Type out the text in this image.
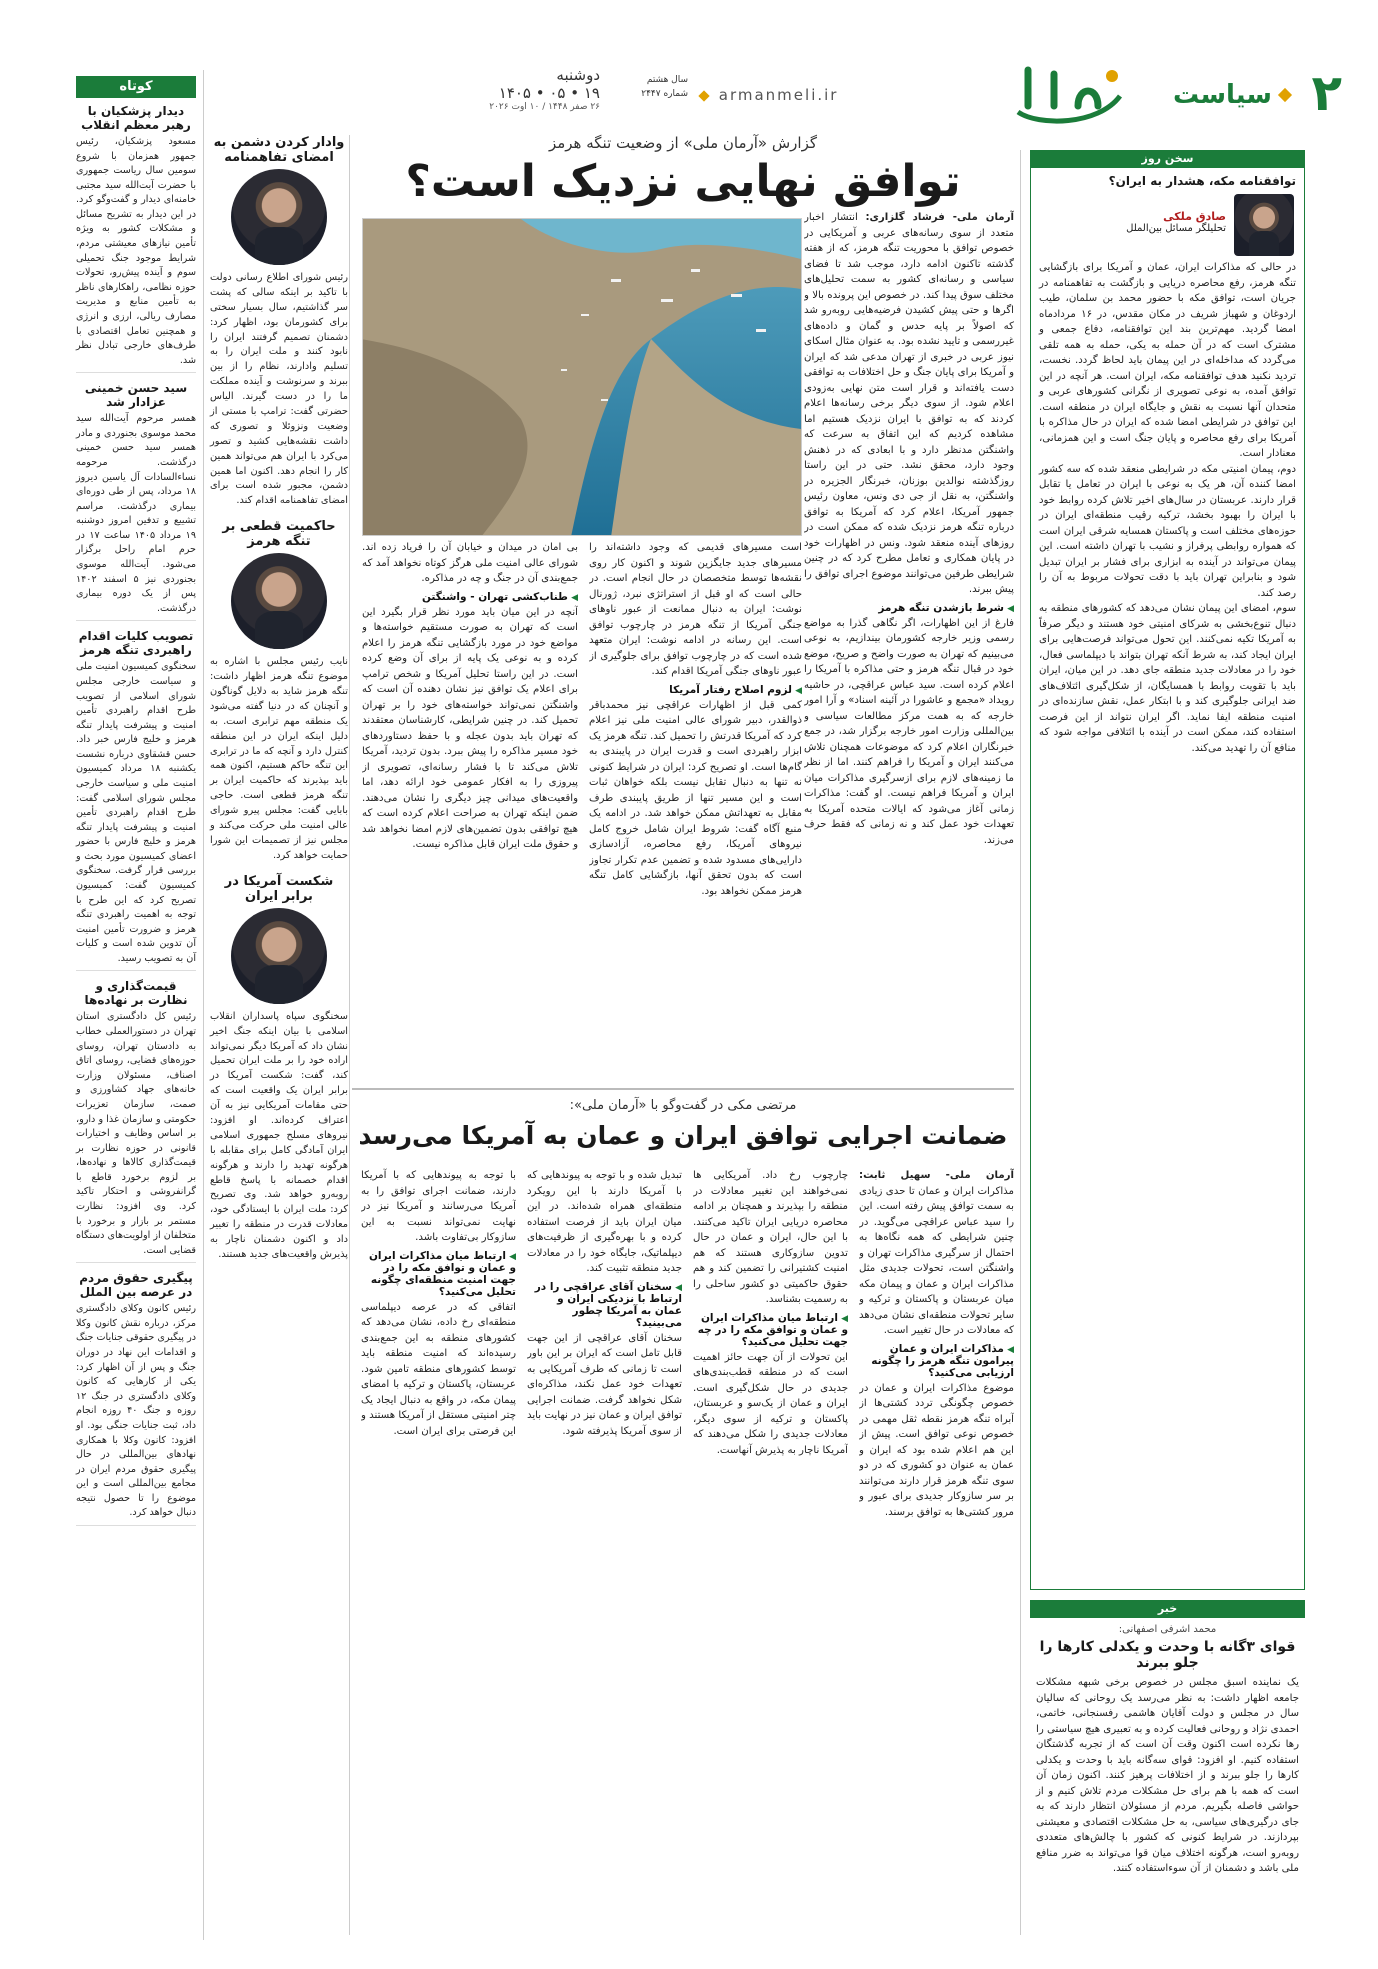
۲
سیاست
armanmeli.ir
سال هشتم
شماره ۲۴۴۷
دوشنبه
۱۴۰۵ • ۰۵ • ۱۹
۲۶ صفر ۱۴۴۸ / ۱۰ اوت ۲۰۲۶
کوتاه
دیدار پزشکیان با رهبر معظم انقلاب

مسعود پزشکیان، رئیس جمهور همزمان با شروع سومین سال ریاست جمهوری با حضرت آیت‌الله سید مجتبی خامنه‌ای دیدار و گفت‌وگو کرد. در این دیدار به تشریح مسائل و مشکلات کشور به ویژه تأمین نیازهای معیشتی مردم، شرایط موجود جنگ تحمیلی سوم و آینده پیش‌رو، تحولات حوزه نظامی، راهکارهای ناظر به تأمین منابع و مدیریت مصارف ریالی، ارزی و انرژی و همچنین تعامل اقتصادی با طرف‌های خارجی تبادل نظر شد.

سید حسن خمینی عزادار شد

همسر مرحوم آیت‌الله سید محمد موسوی بجنوردی و مادر همسر سید حسن خمینی درگذشت. مرحومه نساءالسادات آل یاسین دیروز ۱۸ مرداد، پس از طی دوره‌ای بیماری درگذشت. مراسم تشییع و تدفین امروز دوشنبه ۱۹ مرداد ۱۴۰۵ ساعت ۱۷ در حرم امام راحل برگزار می‌شود. آیت‌الله موسوی بجنوردی نیز ۵ اسفند ۱۴۰۲ پس از یک دوره بیماری درگذشت.

تصویب کلیات اقدام راهبردی تنگه هرمز

سخنگوی کمیسیون امنیت ملی و سیاست خارجی مجلس شورای اسلامی از تصویب طرح اقدام راهبردی تأمین امنیت و پیشرفت پایدار تنگه هرمز و خلیج فارس خبر داد. حسن قشقاوی درباره نشست یکشنبه ۱۸ مرداد کمیسیون امنیت ملی و سیاست خارجی مجلس شورای اسلامی گفت: طرح اقدام راهبردی تأمین امنیت و پیشرفت پایدار تنگه هرمز و خلیج فارس با حضور اعضای کمیسیون مورد بحث و بررسی قرار گرفت. سخنگوی کمیسیون گفت: کمیسیون تصریح کرد که این طرح با توجه به اهمیت راهبردی تنگه هرمز و ضرورت تأمین امنیت آن تدوین شده است و کلیات آن به تصویب رسید.

قیمت‌گذاری و نظارت بر نهاده‌ها

رئیس کل دادگستری استان تهران در دستورالعملی خطاب به دادستان تهران، روسای حوزه‌های قضایی، روسای اتاق اصناف، مسئولان وزارت خانه‌های جهاد کشاورزی و صمت، سازمان تعزیرات حکومتی و سازمان غذا و دارو، بر اساس وظایف و اختیارات قانونی در حوزه نظارت بر قیمت‌گذاری کالاها و نهاده‌ها، بر لزوم برخورد قاطع با گرانفروشی و احتکار تاکید کرد. وی افزود: نظارت مستمر بر بازار و برخورد با متخلفان از اولویت‌های دستگاه قضایی است.

پیگیری حقوق مردم در عرصه بین الملل

رئیس کانون وکلای دادگستری مرکز، درباره نقش کانون وکلا در پیگیری حقوقی جنایات جنگ و اقدامات این نهاد در دوران جنگ و پس از آن اظهار کرد: یکی از کارهایی که کانون وکلای دادگستری در جنگ ۱۲ روزه و جنگ ۴۰ روزه انجام داد، ثبت جنایات جنگی بود. او افزود: کانون وکلا با همکاری نهادهای بین‌المللی در حال پیگیری حقوق مردم ایران در مجامع بین‌المللی است و این موضوع را تا حصول نتیجه دنبال خواهد کرد.

وادار کردن دشمن به امضای تفاهمنامه

رئیس شورای اطلاع رسانی دولت با تاکید بر اینکه سالی که پشت سر گذاشتیم، سال بسیار سختی برای کشورمان بود، اظهار کرد: دشمنان تصمیم گرفتند ایران را نابود کنند و ملت ایران را به تسلیم وادارند، نظام را از بین ببرند و سرنوشت و آینده مملکت ما را در دست گیرند. الیاس حضرتی گفت: ترامپ با مستی از وضعیت ونزوئلا و تصوری که داشت نقشه‌هایی کشید و تصور می‌کرد با ایران هم می‌تواند همین کار را انجام دهد. اکنون اما همین دشمن، مجبور شده است برای امضای تفاهمنامه اقدام کند.

حاکمیت قطعی بر تنگه هرمز

نایب رئیس مجلس با اشاره به موضوع تنگه هرمز اظهار داشت: تنگه هرمز شاید به دلایل گوناگون و آنچنان که در دنیا گفته می‌شود یک منطقه مهم ترابری است. به دلیل اینکه ایران در این منطقه کنترل دارد و آنچه که ما در ترابری این تنگه حاکم هستیم، اکنون همه باید بپذیرند که حاکمیت ایران بر تنگه هرمز قطعی است. حاجی بابایی گفت: مجلس پیرو شورای عالی امنیت ملی حرکت می‌کند و مجلس نیز از تصمیمات این شورا حمایت خواهد کرد.

شکست آمریکا در برابر ایران

سخنگوی سپاه پاسداران انقلاب اسلامی با بیان اینکه جنگ اخیر نشان داد که آمریکا دیگر نمی‌تواند اراده خود را بر ملت ایران تحمیل کند، گفت: شکست آمریکا در برابر ایران یک واقعیت است که حتی مقامات آمریکایی نیز به آن اعتراف کرده‌اند. او افزود: نیروهای مسلح جمهوری اسلامی ایران آمادگی کامل برای مقابله با هرگونه تهدید را دارند و هرگونه اقدام خصمانه با پاسخ قاطع روبه‌رو خواهد شد. وی تصریح کرد: ملت ایران با ایستادگی خود، معادلات قدرت در منطقه را تغییر داد و اکنون دشمنان ناچار به پذیرش واقعیت‌های جدید هستند.

گزارش «آرمان ملی» از وضعیت تنگه هرمز
توافق نهایی نزدیک است؟

آرمان ملی- فرشاد گلزاری: انتشار اخبار متعدد از سوی رسانه‌های عربی و آمریکایی در خصوص توافق با محوریت تنگه هرمز، که از هفته گذشته تاکنون ادامه دارد، موجب شد تا فضای سیاسی و رسانه‌ای کشور به سمت تحلیل‌های مختلف سوق پیدا کند. در خصوص این پرونده بالا و اگرها و حتی پیش کشیدن فرضیه‌هایی روبه‌رو شد که اصولاً بر پایه حدس و گمان و داده‌های غیررسمی و تایید نشده بود. به عنوان مثال اسکای نیوز عربی در خبری از تهران مدعی شد که ایران و آمریکا برای پایان جنگ و حل اختلافات به توافقی دست یافته‌اند و قرار است متن نهایی به‌زودی اعلام شود. از سوی دیگر برخی رسانه‌ها اعلام کردند که به توافق با ایران نزدیک هستیم اما مشاهده کردیم که این اتفاق به سرعت که واشنگتن مدنظر دارد و با ابعادی که در ذهنش وجود دارد، محقق نشد. حتی در این راستا روزگذشته نوالدین بوزنان، خبرنگار الجزیره در واشنگتن، به نقل از جی دی ونس، معاون رئیس جمهور آمریکا، اعلام کرد که آمریکا به توافق درباره تنگه هرمز نزدیک شده که ممکن است در روزهای آینده منعقد شود. ونس در اظهارات خود در پایان همکاری و تعامل مطرح کرد که در چنین شرایطی طرفین می‌توانند موضوع اجرای توافق را پیش ببرند.

◀ شرط بازشدن تنگه هرمز

فارغ از این اظهارات، اگر نگاهی گذرا به مواضع رسمی وزیر خارجه کشورمان بیندازیم، به نوعی می‌بینیم که تهران به صورت واضح و صریح، موضع خود در قبال تنگه هرمز و حتی مذاکره با آمریکا را اعلام کرده است. سید عباس عراقچی، در حاشیه رویداد «مجمع و عاشورا در آئینه اسناد» و آرا امور خارجه که به همت مرکز مطالعات سیاسی و بین‌المللی وزارت امور خارجه برگزار شد، در جمع خبرنگاران اعلام کرد که موضوعات همچنان تلاش می‌کنند ایران و آمریکا را فراهم کنند. اما از نظر ما زمینه‌های لازم برای ازسرگیری مذاکرات میان ایران و آمریکا فراهم نیست. او گفت: مذاکرات زمانی آغاز می‌شود که ایالات متحده آمریکا به تعهدات خود عمل کند و نه زمانی که فقط حرف می‌زند.

است مسیرهای قدیمی که وجود داشته‌اند را مسیرهای جدید جایگزین شوند و اکنون کار روی نقشه‌ها توسط متخصصان در حال انجام است. در حالی است که او قبل از استراتژی نبرد، ژورنال نوشت: ایران به دنبال ممانعت از عبور ناوهای جنگی آمریکا از تنگه هرمز در چارچوب توافق است. این رسانه در ادامه نوشت: ایران متعهد شده است که در چارچوب توافق برای جلوگیری از عبور ناوهای جنگی آمریکا اقدام کند.

◀ لزوم اصلاح رفتار آمریکا

کمی قبل از اظهارات عراقچی نیز محمدباقر ذوالقدر، دبیر شورای عالی امنیت ملی نیز اعلام کرد که آمریکا قدرتش را تحمیل کند. تنگه هرمز یک ابزار راهبردی است و قدرت ایران در پایبندی به گام‌ها است. او تصریح کرد: ایران در شرایط کنونی نه تنها به دنبال تقابل نیست بلکه خواهان ثبات است و این مسیر تنها از طریق پایبندی طرف مقابل به تعهداتش ممکن خواهد شد. در ادامه یک منبع آگاه گفت: شروط ایران شامل خروج کامل نیروهای آمریکا، رفع محاصره، آزادسازی دارایی‌های مسدود شده و تضمین عدم تکرار تجاوز است که بدون تحقق آنها، بازگشایی کامل تنگه هرمز ممکن نخواهد بود.

بی امان در میدان و خیابان آن را فریاد زده اند. شورای عالی امنیت ملی هرگز کوتاه نخواهد آمد که جمع‌بندی آن در جنگ و چه در مذاکره.

◀ طناب‌کشی تهران - واشنگتن

آنچه در این میان باید مورد نظر قرار بگیرد این است که تهران به صورت مستقیم خواسته‌ها و مواضع خود در مورد بازگشایی تنگه هرمز را اعلام کرده و به نوعی یک پایه از برای آن وضع کرده است. در این راستا تحلیل آمریکا و شخص ترامپ برای اعلام یک توافق نیز نشان دهنده آن است که واشنگتن نمی‌تواند خواسته‌های خود را بر تهران تحمیل کند. در چنین شرایطی، کارشناسان معتقدند که تهران باید بدون عجله و با حفظ دستاوردهای خود مسیر مذاکره را پیش ببرد. بدون تردید، آمریکا تلاش می‌کند تا با فشار رسانه‌ای، تصویری از پیروزی را به افکار عمومی خود ارائه دهد، اما واقعیت‌های میدانی چیز دیگری را نشان می‌دهند. ضمن اینکه تهران به صراحت اعلام کرده است که هیچ توافقی بدون تضمین‌های لازم امضا نخواهد شد و حقوق ملت ایران قابل مذاکره نیست.

مرتضی مکی در گفت‌وگو با «آرمان ملی»:
ضمانت اجرایی توافق ایران و عمان به آمریکا می‌رسد

آرمان ملی- سهیل ثابت: مذاکرات ایران و عمان تا حدی زیادی به سمت توافق پیش رفته است. این را سید عباس عراقچی می‌گوید. در چنین شرایطی که همه نگاه‌ها به احتمال از سرگیری مذاکرات تهران و واشنگتن است، تحولات جدیدی مثل مذاکرات ایران و عمان و پیمان مکه میان عربستان و پاکستان و ترکیه و سایر تحولات منطقه‌ای نشان می‌دهد که معادلات در حال تغییر است.

◀ مذاکرات ایران و عمان پیرامون تنگه هرمز را چگونه ارزیابی می‌کنید؟

موضوع مذاکرات ایران و عمان در خصوص چگونگی تردد کشتی‌ها از آبراه تنگه هرمز نقطه ثقل مهمی در خصوص نوعی توافق است. پیش از این هم اعلام شده بود که ایران و عمان به عنوان دو کشوری که در دو سوی تنگه هرمز قرار دارند می‌توانند بر سر سازوکار جدیدی برای عبور و مرور کشتی‌ها به توافق برسند.

چارچوب رخ داد. آمریکایی ها نمی‌خواهند این تغییر معادلات در منطقه را بپذیرند و همچنان بر ادامه محاصره دریایی ایران تاکید می‌کنند. با این حال، ایران و عمان در حال تدوین سازوکاری هستند که هم امنیت کشتیرانی را تضمین کند و هم حقوق حاکمیتی دو کشور ساحلی را به رسمیت بشناسد.

◀ ارتباط میان مذاکرات ایران و عمان و توافق مکه را در چه جهت تحلیل می‌کنید؟

این تحولات از آن جهت حائز اهمیت است که در منطقه قطب‌بندی‌های جدیدی در حال شکل‌گیری است. ایران و عمان از یک‌سو و عربستان، پاکستان و ترکیه از سوی دیگر، معادلات جدیدی را شکل می‌دهند که آمریکا ناچار به پذیرش آنهاست.

تبدیل شده و با توجه به پیوندهایی که با آمریکا دارند با این رویکرد منطقه‌ای همراه شده‌اند. در این میان ایران باید از فرصت استفاده کرده و با بهره‌گیری از ظرفیت‌های دیپلماتیک، جایگاه خود را در معادلات جدید منطقه تثبیت کند.

◀ سخنان آقای عراقچی را در ارتباط با نزدیکی ایران و عمان به آمریکا چطور می‌بینید؟

سخنان آقای عراقچی از این جهت قابل تامل است که ایران بر این باور است تا زمانی که طرف آمریکایی به تعهدات خود عمل نکند، مذاکره‌ای شکل نخواهد گرفت. ضمانت اجرایی توافق ایران و عمان نیز در نهایت باید از سوی آمریکا پذیرفته شود.

با توجه به پیوندهایی که با آمریکا دارند، ضمانت اجرای توافق را به آمریکا می‌رسانند و آمریکا نیز در نهایت نمی‌تواند نسبت به این سازوکار بی‌تفاوت باشد.

◀ ارتباط میان مذاکرات ایران و عمان و توافق مکه را در جهت امنیت منطقه‌ای چگونه تحلیل می‌کنید؟

اتفاقی که در عرصه دیپلماسی منطقه‌ای رخ داده، نشان می‌دهد که کشورهای منطقه به این جمع‌بندی رسیده‌اند که امنیت منطقه باید توسط کشورهای منطقه تامین شود. عربستان، پاکستان و ترکیه با امضای پیمان مکه، در واقع به دنبال ایجاد یک چتر امنیتی مستقل از آمریکا هستند و این فرصتی برای ایران است.

سخن روز
توافقنامه مکه، هشدار به ایران؟
صادق ملکی
تحلیلگر مسائل بین‌الملل

در حالی که مذاکرات ایران، عمان و آمریکا برای بازگشایی تنگه هرمز، رفع محاصره دریایی و بازگشت به تفاهمنامه در جریان است، توافق مکه با حضور محمد بن سلمان، طیب اردوغان و شهباز شریف در مکان مقدس، در ۱۶ مردادماه امضا گردید. مهم‌ترین بند این توافقنامه، دفاع جمعی و مشترک است که در آن حمله به یکی، حمله به همه تلقی می‌گردد که مداخله‌ای در این پیمان باید لحاظ گردد. نخست، تردید نکنید هدف توافقنامه مکه، ایران است. هر آنچه در این توافق آمده، به نوعی تصویری از نگرانی کشورهای عربی و متحدان آنها نسبت به نقش و جایگاه ایران در منطقه است. این توافق در شرایطی امضا شده که ایران در حال مذاکره با آمریکا برای رفع محاصره و پایان جنگ است و این همزمانی، معنادار است.

دوم، پیمان امنیتی مکه در شرایطی منعقد شده که سه کشور امضا کننده آن، هر یک به نوعی با ایران در تعامل یا تقابل قرار دارند. عربستان در سال‌های اخیر تلاش کرده روابط خود با ایران را بهبود بخشد، ترکیه رقیب منطقه‌ای ایران در حوزه‌های مختلف است و پاکستان همسایه شرقی ایران است که همواره روابطی پرفراز و نشیب با تهران داشته است. این پیمان می‌تواند در آینده به ابزاری برای فشار بر ایران تبدیل شود و بنابراین تهران باید با دقت تحولات مربوط به آن را رصد کند.

سوم، امضای این پیمان نشان می‌دهد که کشورهای منطقه به دنبال تنوع‌بخشی به شرکای امنیتی خود هستند و دیگر صرفاً به آمریکا تکیه نمی‌کنند. این تحول می‌تواند فرصت‌هایی برای ایران ایجاد کند، به شرط آنکه تهران بتواند با دیپلماسی فعال، خود را در معادلات جدید منطقه جای دهد. در این میان، ایران باید با تقویت روابط با همسایگان، از شکل‌گیری ائتلاف‌های ضد ایرانی جلوگیری کند و با ابتکار عمل، نقش سازنده‌ای در امنیت منطقه ایفا نماید. اگر ایران نتواند از این فرصت استفاده کند، ممکن است در آینده با ائتلافی مواجه شود که منافع آن را تهدید می‌کند.

خبر
محمد اشرفی اصفهانی:
قوای ۳گانه با وحدت و یکدلی کارها را جلو ببرند

یک نماینده اسبق مجلس در خصوص برخی شبهه مشکلات جامعه اظهار داشت: به نظر می‌رسد یک روحانی که سالیان سال در مجلس و دولت آقایان هاشمی رفسنجانی، خاتمی، احمدی نژاد و روحانی فعالیت کرده و به تعبیری هیچ سیاستی را رها نکرده است اکنون وقت آن است که از تجربه گذشتگان استفاده کنیم. او افزود: قوای سه‌گانه باید با وحدت و یکدلی کارها را جلو ببرند و از اختلافات پرهیز کنند. اکنون زمان آن است که همه با هم برای حل مشکلات مردم تلاش کنیم و از حواشی فاصله بگیریم. مردم از مسئولان انتظار دارند که به جای درگیری‌های سیاسی، به حل مشکلات اقتصادی و معیشتی بپردازند. در شرایط کنونی که کشور با چالش‌های متعددی روبه‌رو است، هرگونه اختلاف میان قوا می‌تواند به ضرر منافع ملی باشد و دشمنان از آن سوءاستفاده کنند.
